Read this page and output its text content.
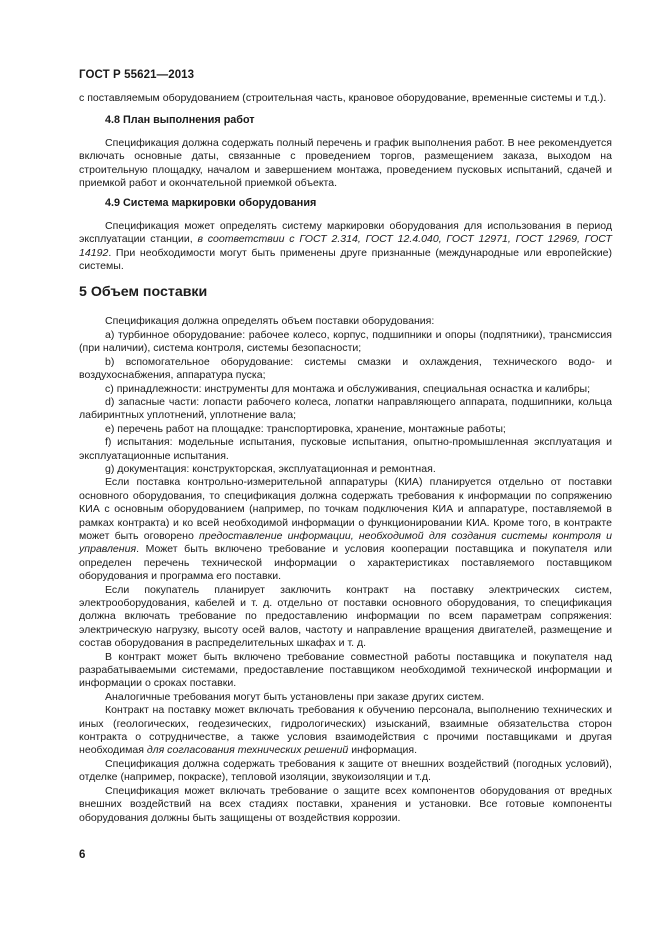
ГОСТ Р 55621—2013

с поставляемым оборудованием (строительная часть, крановое оборудование, временные системы и т.д.).

4.8 План выполнения работ

Спецификация должна содержать полный перечень и график выполнения работ. В нее рекомендуется включать основные даты, связанные с проведением торгов, размещением заказа, выходом на строительную площадку, началом и завершением монтажа, проведением пусковых испытаний, сдачей и приемкой работ и окончательной приемкой объекта.

4.9 Система маркировки оборудования

Спецификация может определять систему маркировки оборудования для использования в период эксплуатации станции, в соответствии с ГОСТ 2.314, ГОСТ 12.4.040, ГОСТ 12971, ГОСТ 12969, ГОСТ 14192. При необходимости могут быть применены друге признанные (международные или европейские) системы.

5 Объем поставки

Спецификация должна определять объем поставки оборудования:

а) турбинное оборудование: рабочее колесо, корпус, подшипники и опоры (подпятники), трансмиссия (при наличии), система контроля, системы безопасности;

b) вспомогательное оборудование: системы смазки и охлаждения, технического водо- и воздухоснабжения, аппаратура пуска;

c) принадлежности: инструменты для монтажа и обслуживания, специальная оснастка и калибры;

d) запасные части: лопасти рабочего колеса, лопатки направляющего аппарата, подшипники, кольца лабиринтных уплотнений, уплотнение вала;

e) перечень работ на площадке: транспортировка, хранение, монтажные работы;

f) испытания: модельные испытания, пусковые испытания, опытно-промышленная эксплуатация и эксплуатационные испытания.

g) документация: конструкторская, эксплуатационная и ремонтная.

Если поставка контрольно-измерительной аппаратуры (КИА) планируется отдельно от поставки основного оборудования, то спецификация должна содержать требования к информации по сопряжению КИА с основным оборудованием (например, по точкам подключения КИА и аппаратуре, поставляемой в рамках контракта) и ко всей необходимой информации о функционировании КИА. Кроме того, в контракте может быть оговорено предоставление информации, необходимой для создания системы контроля и управления. Может быть включено требование и условия кооперации поставщика и покупателя или определен перечень технической информации о характеристиках поставляемого поставщиком оборудования и программа его поставки.

Если покупатель планирует заключить контракт на поставку электрических систем, электрооборудования, кабелей и т. д. отдельно от поставки основного оборудования, то спецификация должна включать требование по предоставлению информации по всем параметрам сопряжения: электрическую нагрузку, высоту осей валов, частоту и направление вращения двигателей, размещение и состав оборудования в распределительных шкафах и т. д.

В контракт может быть включено требование совместной работы поставщика и покупателя над разрабатываемыми системами, предоставление поставщиком необходимой технической информации и информации о сроках поставки.

Аналогичные требования могут быть установлены при заказе других систем.

Контракт на поставку может включать требования к обучению персонала, выполнению технических и иных (геологических, геодезических, гидрологических) изысканий, взаимные обязательства сторон контракта о сотрудничестве, а также условия взаимодействия с прочими поставщиками и другая необходимая для согласования технических решений информация.

Спецификация должна содержать требования к защите от внешних воздействий (погодных условий), отделке (например, покраске), тепловой изоляции, звукоизоляции и т.д.

Спецификация может включать требование о защите всех компонентов оборудования от вредных внешних воздействий на всех стадиях поставки, хранения и установки. Все готовые компоненты оборудования должны быть защищены от воздействия коррозии.

6
